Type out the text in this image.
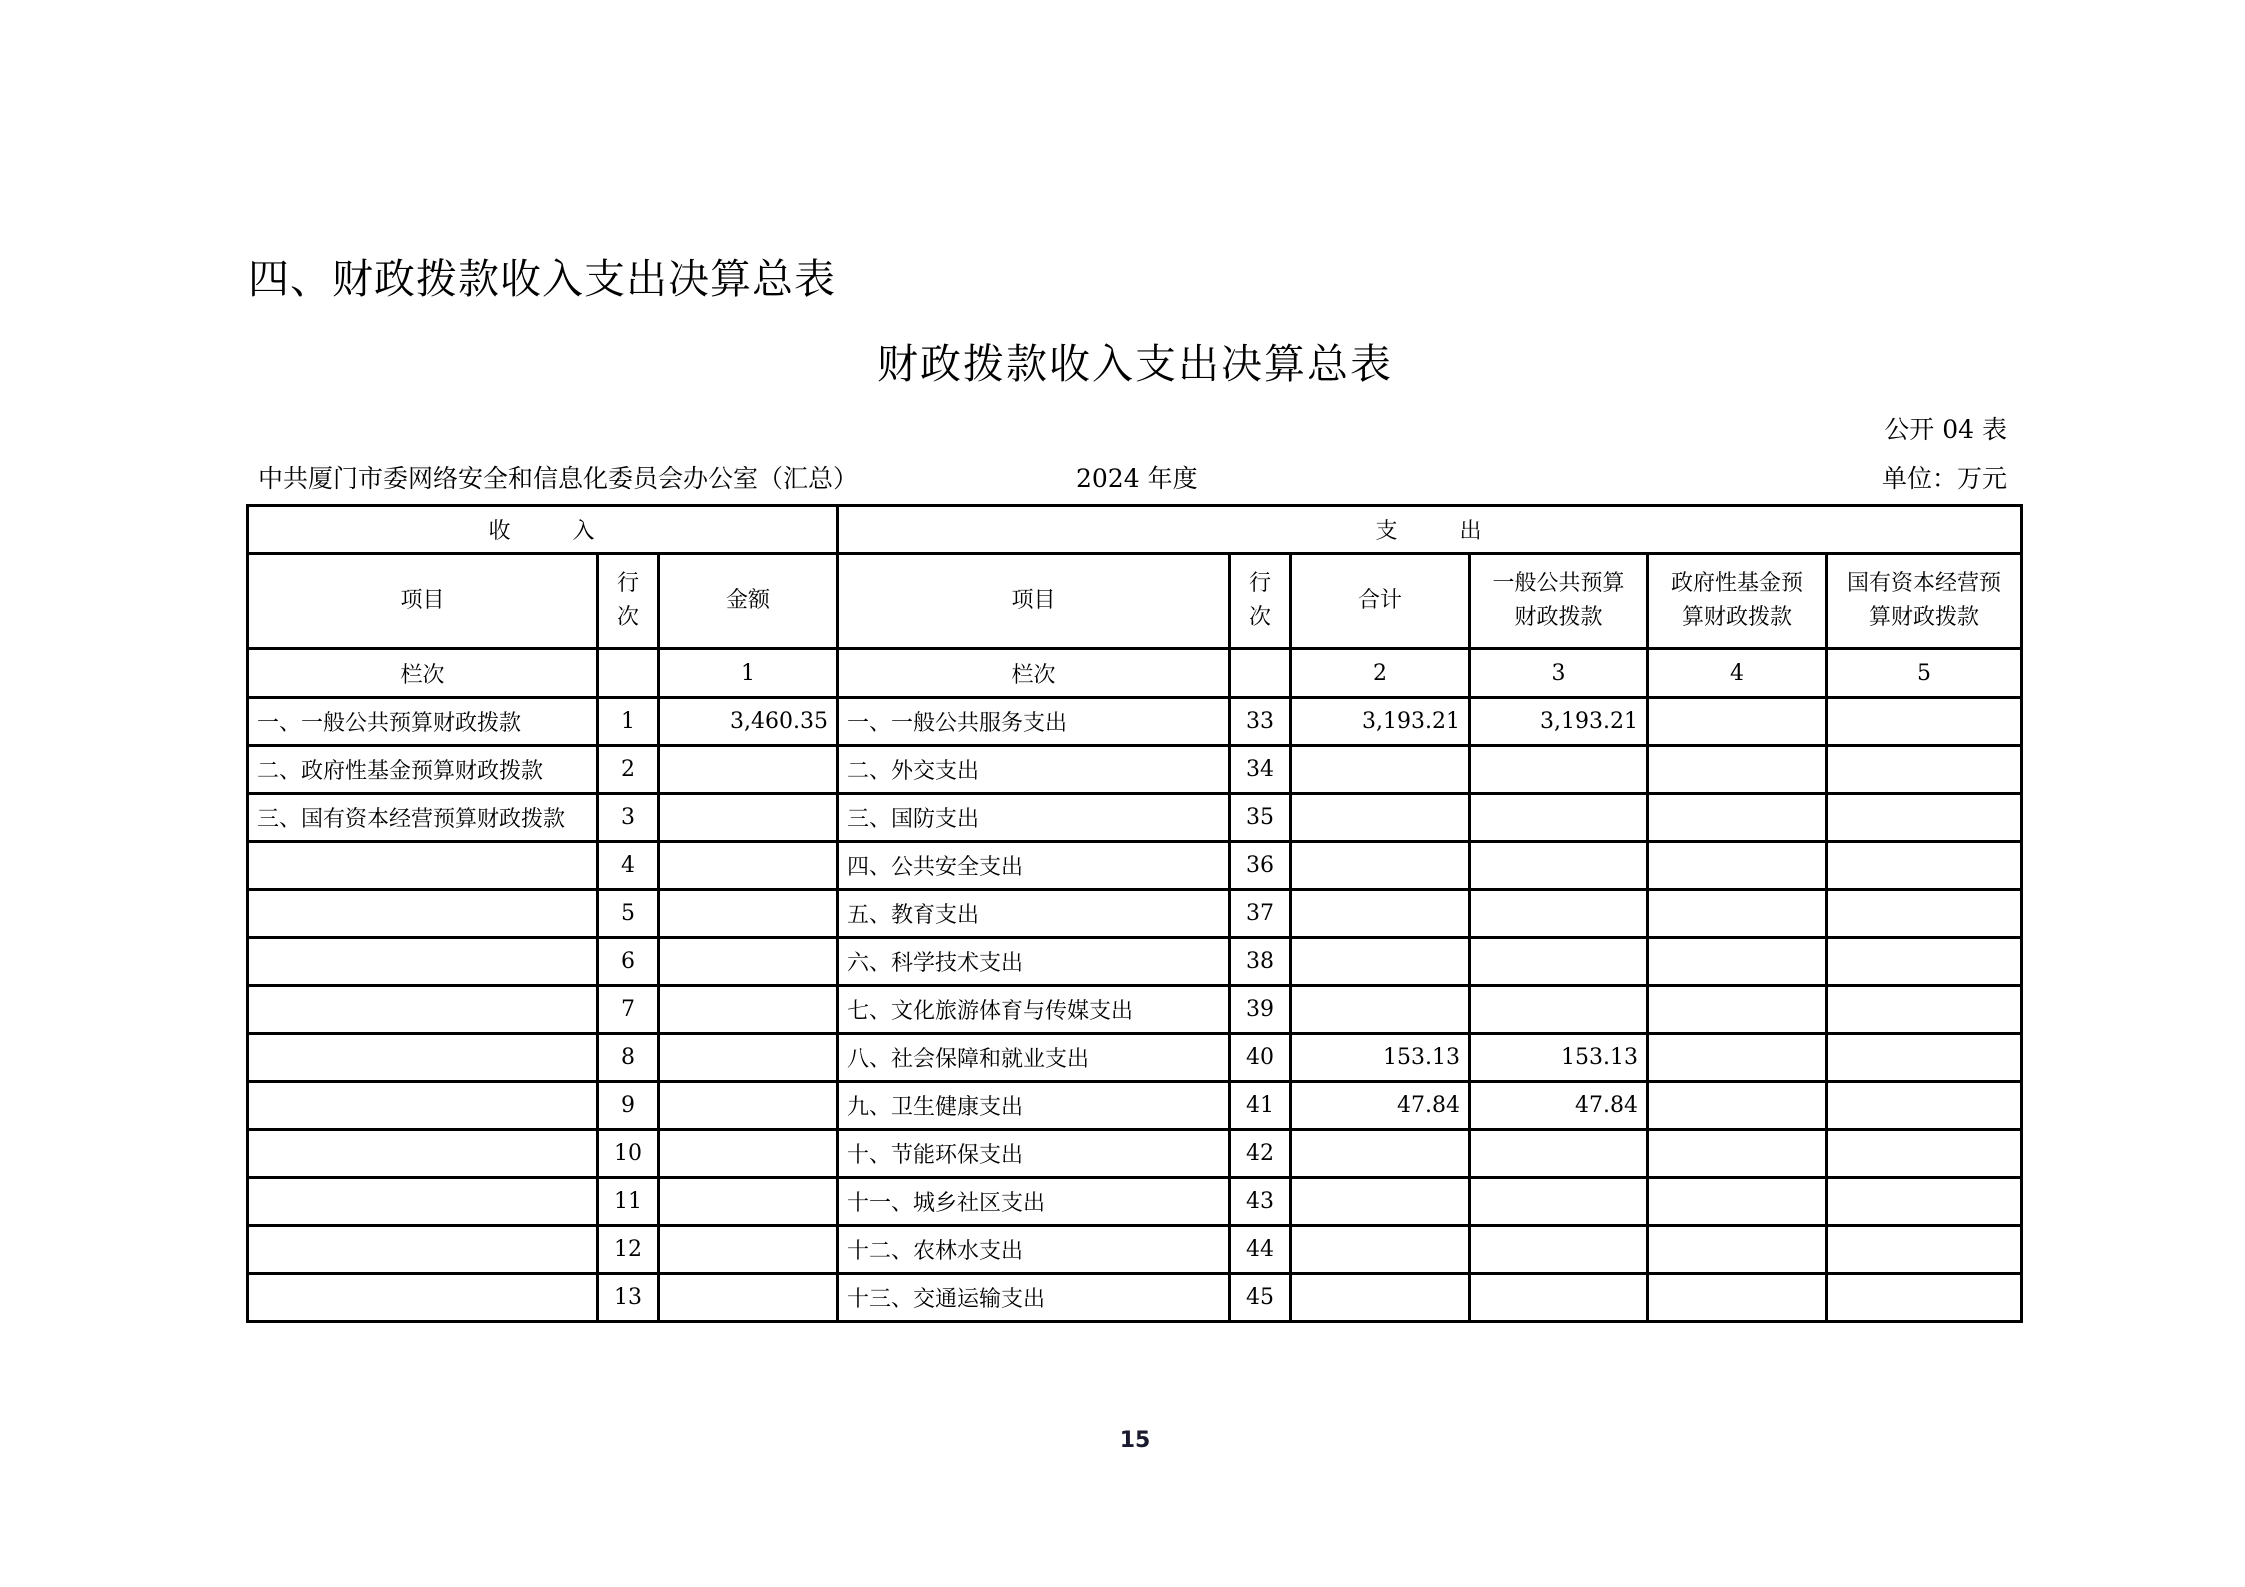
四、财政拨款收入支出决算总表
财政拨款收入支出决算总表
公开 04 表
中共厦门市委网络安全和信息化委员会办公室（汇总）	2024 年度	单位：万元
收 入			支 出					
项目	行次	金额	项目	行次	合计	一般公共预算财政拨款	政府性基金预算财政拨款	国有资本经营预算财政拨款
栏次		1	栏次		2	3	4	5
一、一般公共预算财政拨款	1	3,460.35	一、一般公共服务支出	33	3,193.21	3,193.21		
二、政府性基金预算财政拨款	2		二、外交支出	34				
三、国有资本经营预算财政拨款	3		三、国防支出	35				
	4		四、公共安全支出	36				
	5		五、教育支出	37				
	6		六、科学技术支出	38				
	7		七、文化旅游体育与传媒支出	39				
	8		八、社会保障和就业支出	40	153.13	153.13		
	9		九、卫生健康支出	41	47.84	47.84		
	10		十、节能环保支出	42				
	11		十一、城乡社区支出	43				
	12		十二、农林水支出	44				
	13		十三、交通运输支出	45				
15
